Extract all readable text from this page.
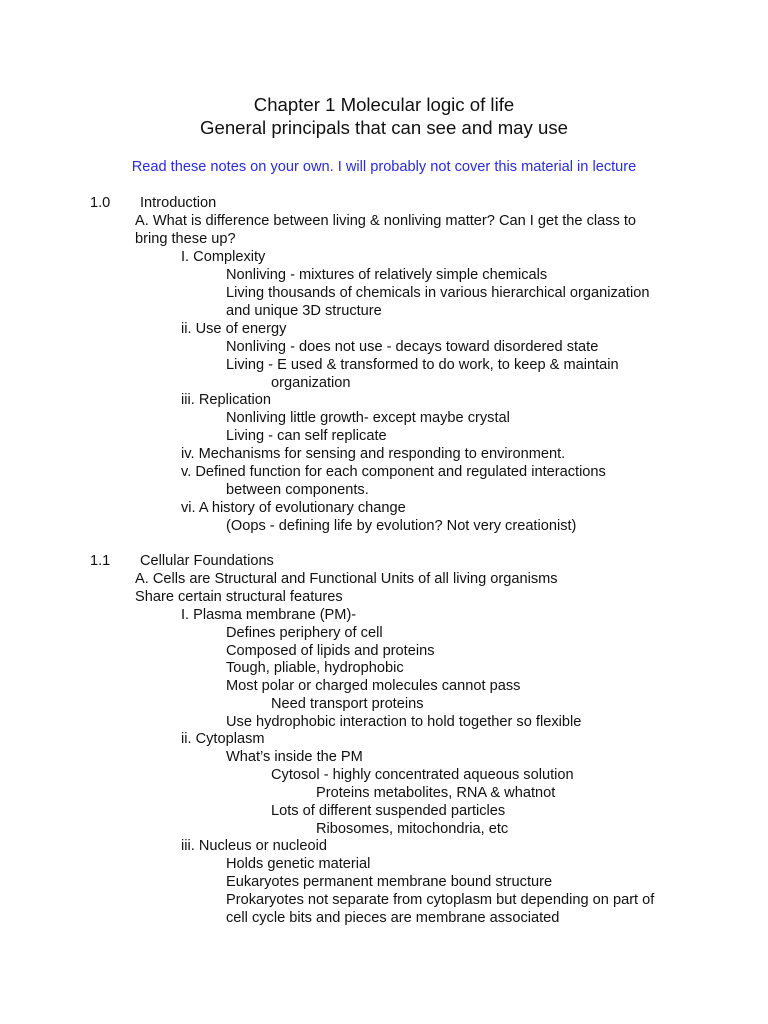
Chapter 1 Molecular logic of life
General principals that can see and may use
Read these notes on your own. I will probably not cover this material in lecture
1.0 Introduction
A. What is difference between living & nonliving matter? Can I get the class to
bring these up?
I. Complexity
Nonliving - mixtures of relatively simple chemicals
Living thousands of chemicals in various hierarchical organization
and unique 3D structure
ii. Use of energy
Nonliving - does not use - decays toward disordered state
Living - E used & transformed to do work, to keep & maintain
organization
iii. Replication
Nonliving little growth- except maybe crystal
Living - can self replicate
iv. Mechanisms for sensing and responding to environment.
v. Defined function for each component and regulated interactions
between components.
vi. A history of evolutionary change
(Oops - defining life by evolution? Not very creationist)
1.1 Cellular Foundations
A. Cells are Structural and Functional Units of all living organisms
Share certain structural features
I. Plasma membrane (PM)-
Defines periphery of cell
Composed of lipids and proteins
Tough, pliable, hydrophobic
Most polar or charged molecules cannot pass
Need transport proteins
Use hydrophobic interaction to hold together so flexible
ii. Cytoplasm
What’s inside the PM
Cytosol - highly concentrated aqueous solution
Proteins metabolites, RNA & whatnot
Lots of different suspended particles
Ribosomes, mitochondria, etc
iii. Nucleus or nucleoid
Holds genetic material
Eukaryotes permanent membrane bound structure
Prokaryotes not separate from cytoplasm but depending on part of
cell cycle bits and pieces are membrane associated
